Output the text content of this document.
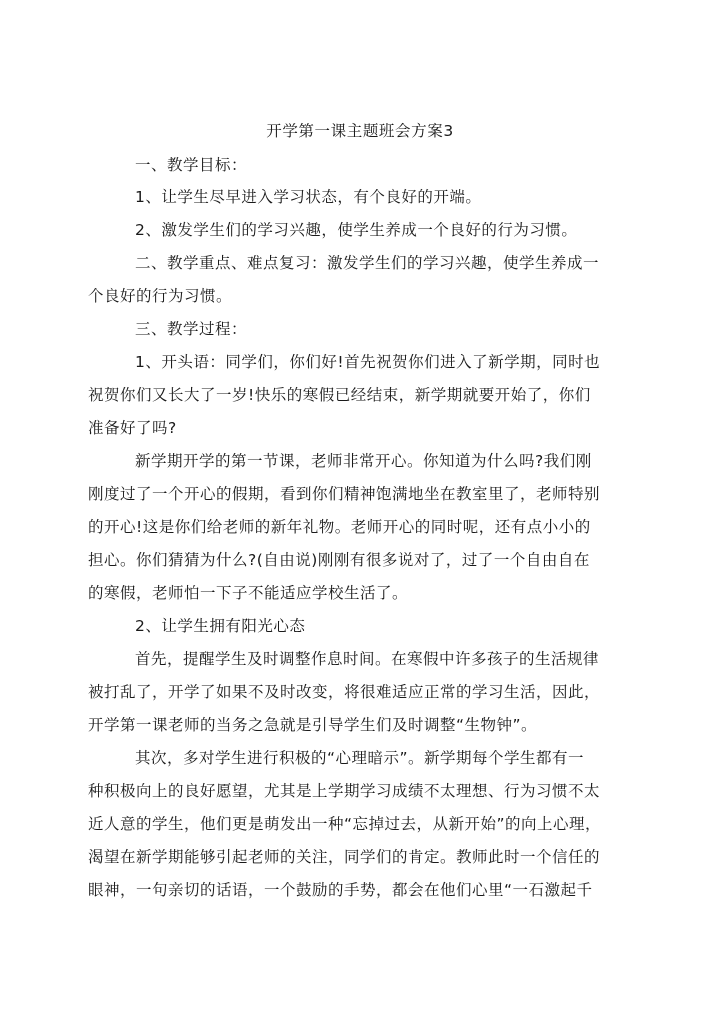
开学第一课主题班会方案3
一、教学目标：
1、让学生尽早进入学习状态，有个良好的开端。
2、激发学生们的学习兴趣，使学生养成一个良好的行为习惯。
二、教学重点、难点复习：激发学生们的学习兴趣，使学生养成一
个良好的行为习惯。
三、教学过程：
1、开头语：同学们，你们好!首先祝贺你们进入了新学期，同时也
祝贺你们又长大了一岁!快乐的寒假已经结束，新学期就要开始了，你们
准备好了吗?
新学期开学的第一节课，老师非常开心。你知道为什么吗?我们刚
刚度过了一个开心的假期，看到你们精神饱满地坐在教室里了，老师特别
的开心!这是你们给老师的新年礼物。老师开心的同时呢，还有点小小的
担心。你们猜猜为什么?(自由说)刚刚有很多说对了，过了一个自由自在
的寒假，老师怕一下子不能适应学校生活了。
2、让学生拥有阳光心态
首先，提醒学生及时调整作息时间。在寒假中许多孩子的生活规律
被打乱了，开学了如果不及时改变，将很难适应正常的学习生活，因此，
开学第一课老师的当务之急就是引导学生们及时调整“生物钟”。
其次，多对学生进行积极的“心理暗示”。新学期每个学生都有一
种积极向上的良好愿望，尤其是上学期学习成绩不太理想、行为习惯不太
近人意的学生，他们更是萌发出一种“忘掉过去，从新开始”的向上心理，
渴望在新学期能够引起老师的关注，同学们的肯定。教师此时一个信任的
眼神，一句亲切的话语，一个鼓励的手势，都会在他们心里“一石激起千
